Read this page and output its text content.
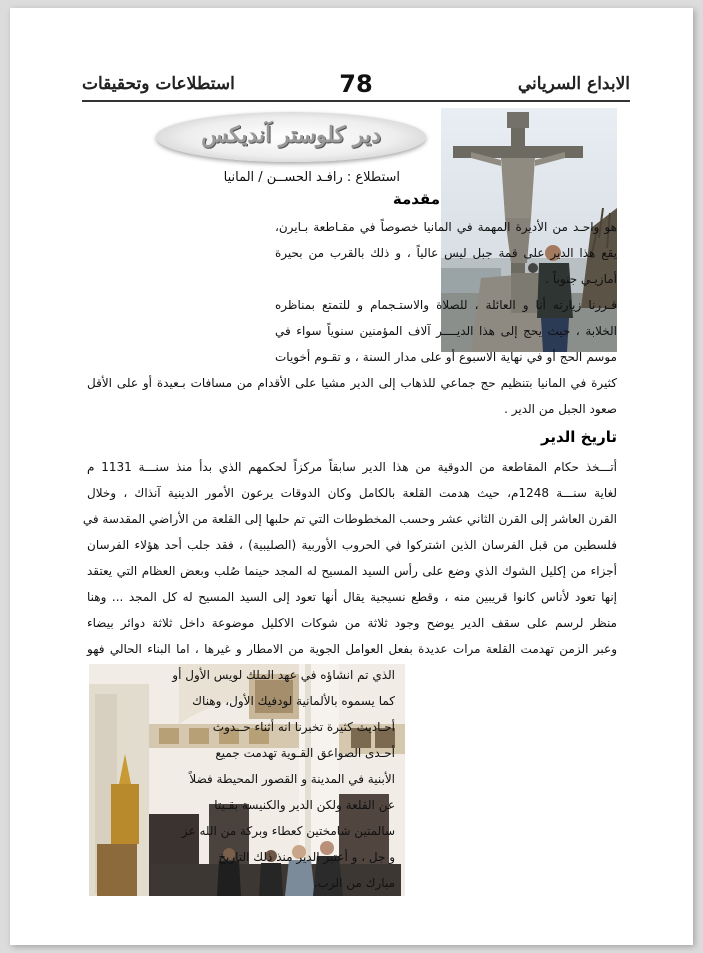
استطلاعات وتحقيقات	78	الابداع السرياني
دير كلوستر آنديكس
استطلاع : رافـد الحســن / المانيا
مقدمة
هو واحـد من الأديرة المهمة في المانيا خصوصاً في مقـاطعة بـايرن،
يقع هذا الدير على قمة جبل ليس عالياً ، و ذلك بالقرب من بحيرة
أمازيـي جنوباً .
قـررنا زيارته أنا و العائلة ، للصلاة والاستـجمام و للتمتع بمناظره
الخلابة ، حيث يحج إلى هذا الديــــر آلاف المؤمنين سنوياً سواء في
موسم الحج أو في نهاية الاسبوع أو على مدار السنة ، و تقـوم أخويات
كثيرة في المانيا بتنظيم حج جماعي للذهاب إلى الدير مشيا على الأقدام من مسافات بـعيدة أو على الأقل
صعود الجبل من الدير .
تاريخ الدير
أتـــخذ حكام المقاطعة من الدوقية من هذا الدير سابقاً مركزاً لحكمهم الذي بدأ منذ سنـــة 1131 م
لغاية سنـــة 1248م، حيث هدمت القلعة بالكامل وكان الدوقات يرعون الأمور الدينية آنذاك ، وخلال
القرن العاشر إلى القرن الثاني عشر وحسب المخطوطات التي تم حلبها إلى القلعة من الأراضي المقدسة في
فلسطين من قبل الفرسان الذين اشتركوا في الحروب الأوربية (الصليبية) ، فقد جلب أحد هؤلاء الفرسان
أجزاء من إكليل الشوك الذي وضع على رأس السيد المسيح له المجد حينما صُلب وبعض العظام التي يعتقد
إنها تعود لأناس كانوا قريبين منه ، وقطع نسيجية يقال أنها تعود إلى السيد المسيح له كل المجد ... وهنا
منظر لرسم على سقف الدير يوضح وجود ثلاثة من شوكات الاكليل موضوعة داخل ثلاثة دوائر بيضاء
وعبر الزمن تهدمت القلعة مرات عديدة بفعل العوامل الجوية من الامطار و غيرها ، اما البناء الحالي فهو
الذي تم انشاؤه في عهد الملك لويس الأول أو
كما يسموه بالألمانية لودفيك الأول، وهناك
أحـاديث كثيرة تخبرنا انه أثناء حــدوث
أحـدى الصواعق القـوية تهدمت جميع
الأبنية في المدينة و القصور المحيطة فضلاً
عن القلعة ولكن الدير والكنيسة بقـيتا
سالمتين شامختين كعطاء وبركة من الله عز
و جل ، و أعتبر الدير منذ ذلك التاريخ
مبارك من الرب.
